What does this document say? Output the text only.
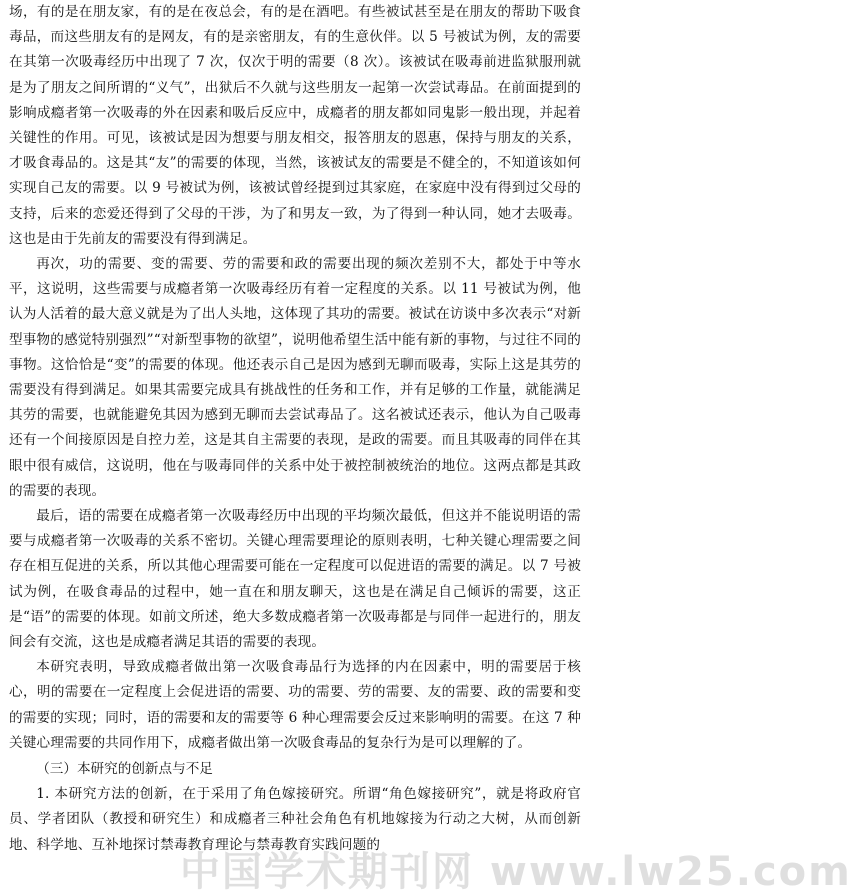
场，有的是在朋友家，有的是在夜总会，有的是在酒吧。有些被试甚至是在朋友的帮助下吸食毒品，而这些朋友有的是网友，有的是亲密朋友，有的生意伙伴。以 5 号被试为例，友的需要在其第一次吸毒经历中出现了 7 次，仅次于明的需要（8 次）。该被试在吸毒前进监狱服刑就是为了朋友之间所谓的“义气”，出狱后不久就与这些朋友一起第一次尝试毒品。在前面提到的影响成瘾者第一次吸毒的外在因素和吸后反应中，成瘾者的朋友都如同鬼影一般出现，并起着关键性的作用。可见，该被试是因为想要与朋友相交，报答朋友的恩惠，保持与朋友的关系，才吸食毒品的。这是其“友”的需要的体现，当然，该被试友的需要是不健全的，不知道该如何实现自己友的需要。以 9 号被试为例，该被试曾经提到过其家庭，在家庭中没有得到过父母的支持，后来的恋爱还得到了父母的干涉，为了和男友一致，为了得到一种认同，她才去吸毒。这也是由于先前友的需要没有得到满足。

再次，功的需要、变的需要、劳的需要和政的需要出现的频次差别不大，都处于中等水平，这说明，这些需要与成瘾者第一次吸毒经历有着一定程度的关系。以 11 号被试为例，他认为人活着的最大意义就是为了出人头地，这体现了其功的需要。被试在访谈中多次表示“对新型事物的感觉特别强烈”“对新型事物的欲望”，说明他希望生活中能有新的事物，与过往不同的事物。这恰恰是“变”的需要的体现。他还表示自己是因为感到无聊而吸毒，实际上这是其劳的需要没有得到满足。如果其需要完成具有挑战性的任务和工作，并有足够的工作量，就能满足其劳的需要，也就能避免其因为感到无聊而去尝试毒品了。这名被试还表示，他认为自己吸毒还有一个间接原因是自控力差，这是其自主需要的表现，是政的需要。而且其吸毒的同伴在其眼中很有威信，这说明，他在与吸毒同伴的关系中处于被控制被统治的地位。这两点都是其政的需要的表现。

最后，语的需要在成瘾者第一次吸毒经历中出现的平均频次最低，但这并不能说明语的需要与成瘾者第一次吸毒的关系不密切。关键心理需要理论的原则表明，七种关键心理需要之间存在相互促进的关系，所以其他心理需要可能在一定程度可以促进语的需要的满足。以 7 号被试为例，在吸食毒品的过程中，她一直在和朋友聊天，这也是在满足自己倾诉的需要，这正是“语”的需要的体现。如前文所述，绝大多数成瘾者第一次吸毒都是与同伴一起进行的，朋友间会有交流，这也是成瘾者满足其语的需要的表现。

本研究表明，导致成瘾者做出第一次吸食毒品行为选择的内在因素中，明的需要居于核心，明的需要在一定程度上会促进语的需要、功的需要、劳的需要、友的需要、政的需要和变的需要的实现；同时，语的需要和友的需要等 6 种心理需要会反过来影响明的需要。在这 7 种关键心理需要的共同作用下，成瘾者做出第一次吸食毒品的复杂行为是可以理解的了。

（三）本研究的创新点与不足

1. 本研究方法的创新，在于采用了角色嫁接研究。所谓“角色嫁接研究”，就是将政府官员、学者团队（教授和研究生）和成瘾者三种社会角色有机地嫁接为行动之大树，从而创新地、科学地、互补地探讨禁毒教育理论与禁毒教育实践问题的

中国学术期刊网 www.lw25.com
